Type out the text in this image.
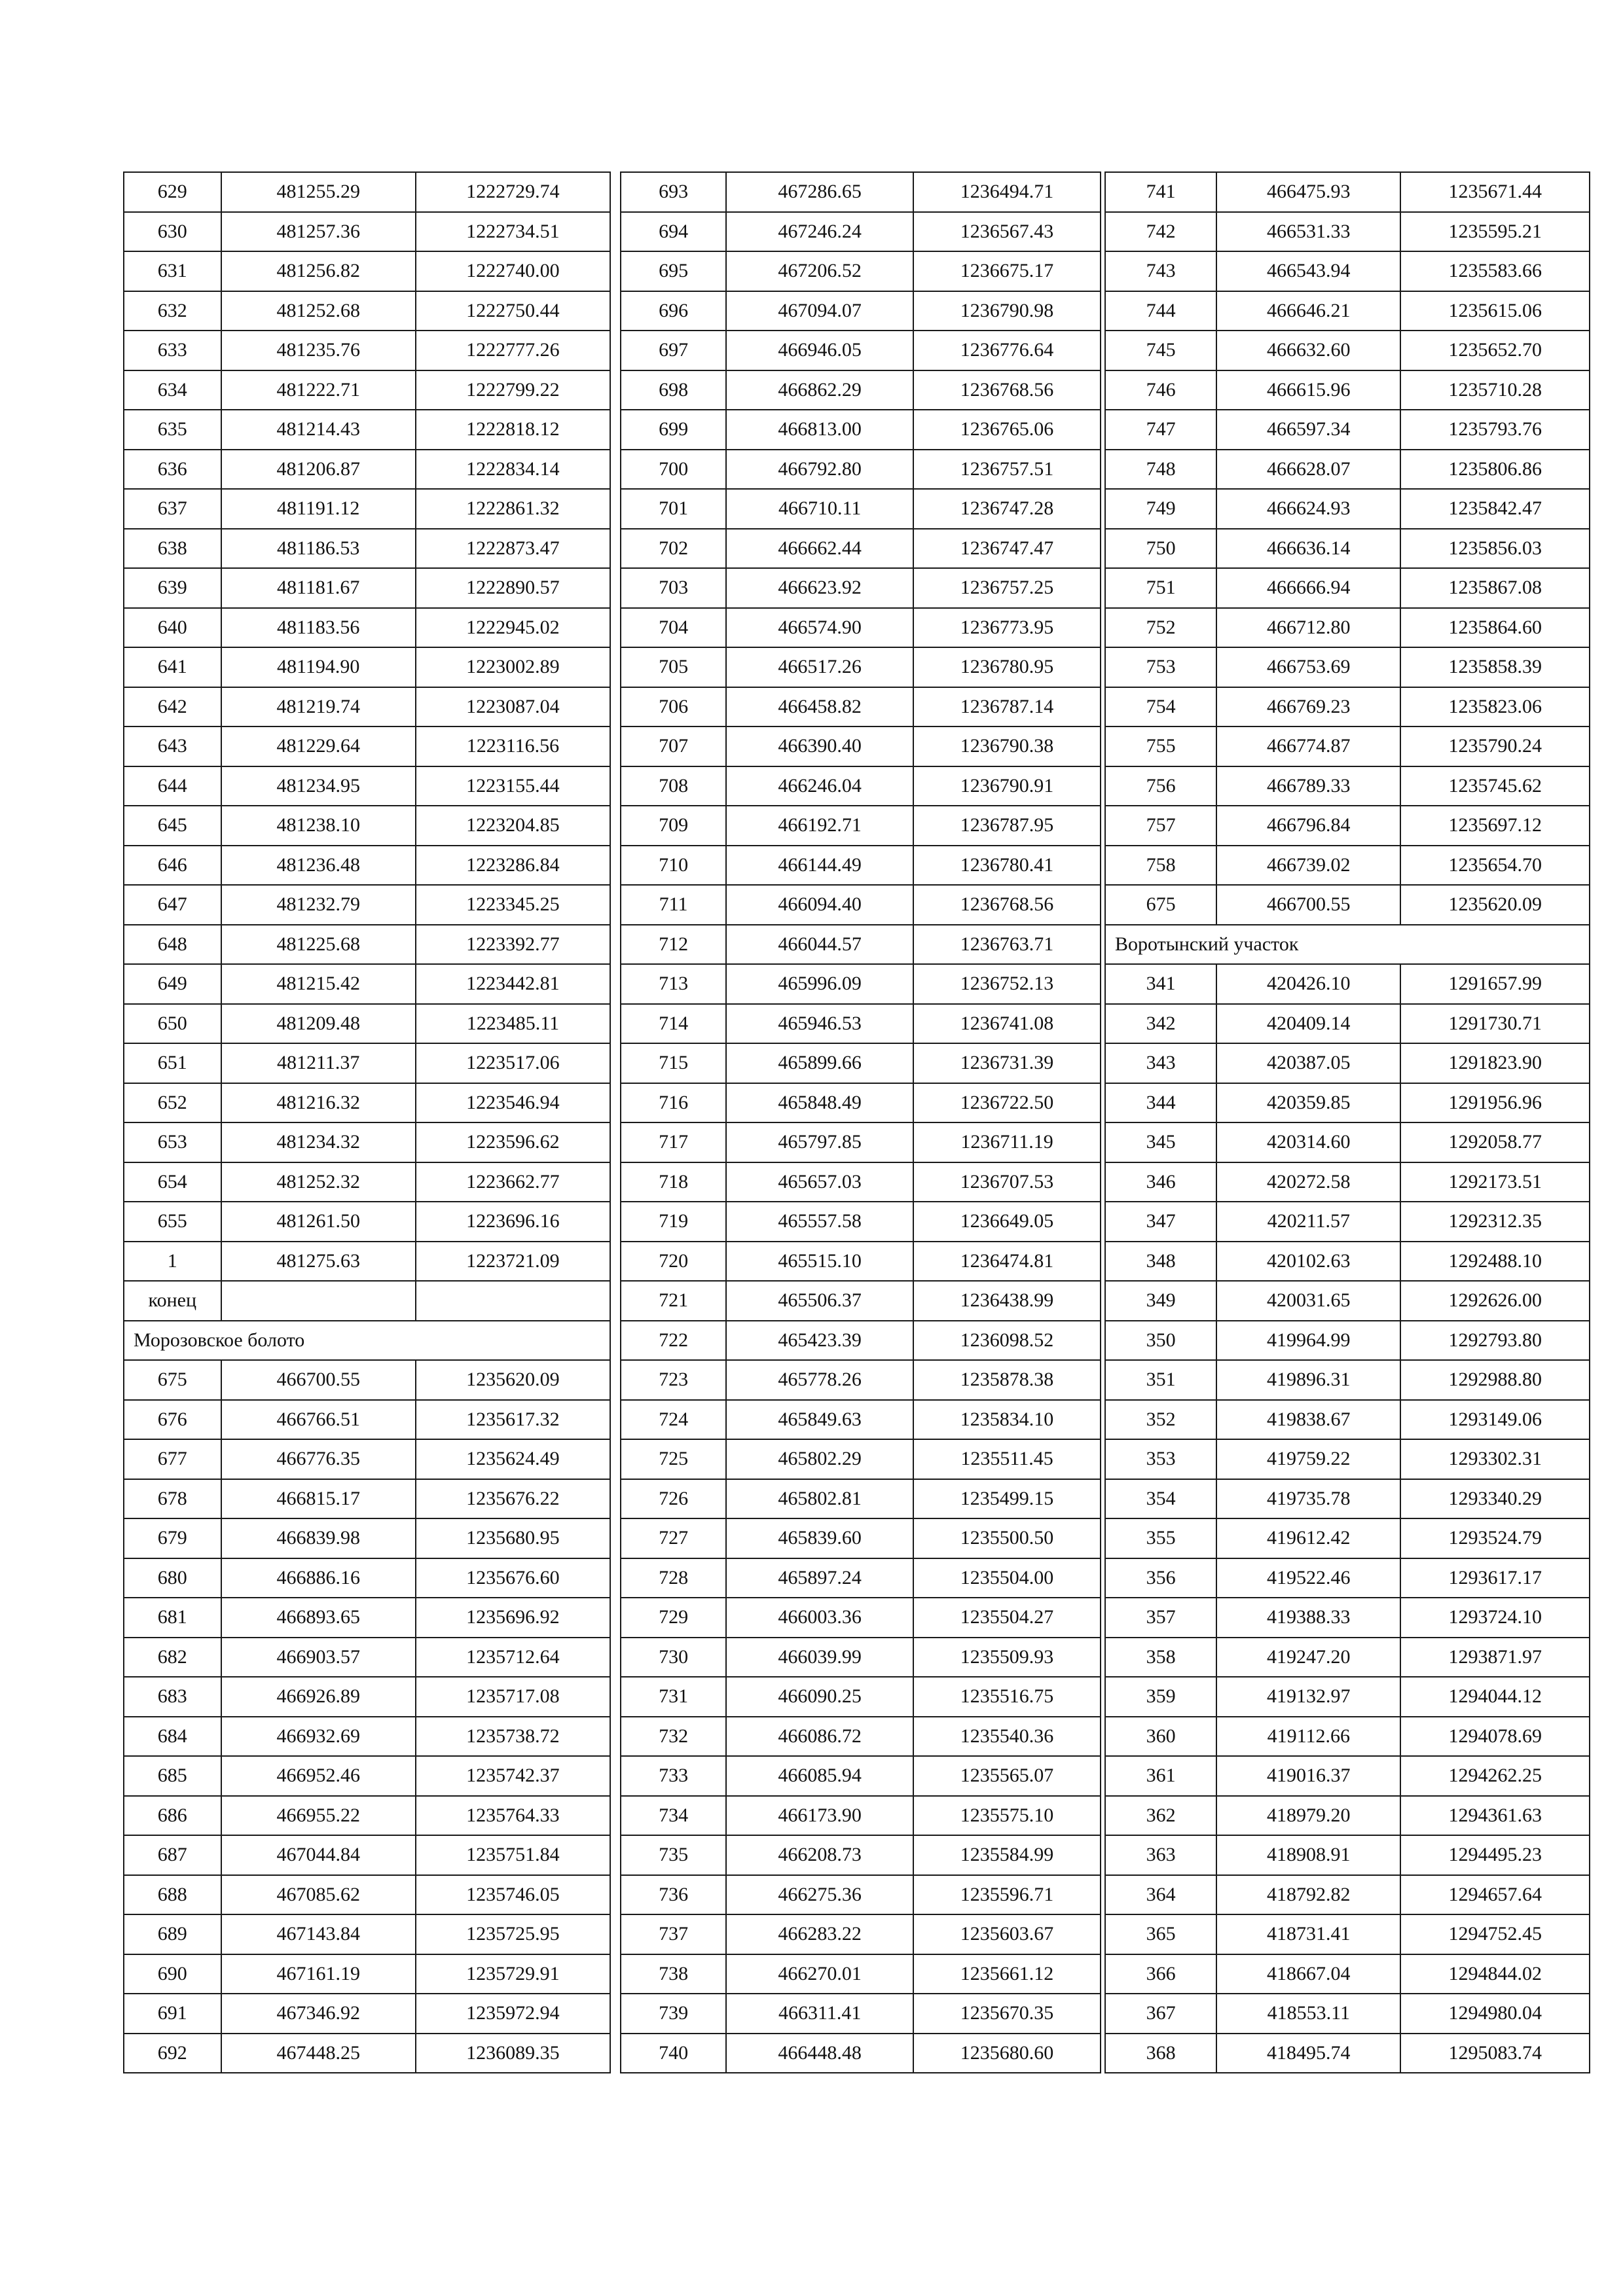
629	481255.29	1222729.74
630	481257.36	1222734.51
631	481256.82	1222740.00
632	481252.68	1222750.44
633	481235.76	1222777.26
634	481222.71	1222799.22
635	481214.43	1222818.12
636	481206.87	1222834.14
637	481191.12	1222861.32
638	481186.53	1222873.47
639	481181.67	1222890.57
640	481183.56	1222945.02
641	481194.90	1223002.89
642	481219.74	1223087.04
643	481229.64	1223116.56
644	481234.95	1223155.44
645	481238.10	1223204.85
646	481236.48	1223286.84
647	481232.79	1223345.25
648	481225.68	1223392.77
649	481215.42	1223442.81
650	481209.48	1223485.11
651	481211.37	1223517.06
652	481216.32	1223546.94
653	481234.32	1223596.62
654	481252.32	1223662.77
655	481261.50	1223696.16
1	481275.63	1223721.09
конец		
Морозовское болото		
675	466700.55	1235620.09
676	466766.51	1235617.32
677	466776.35	1235624.49
678	466815.17	1235676.22
679	466839.98	1235680.95
680	466886.16	1235676.60
681	466893.65	1235696.92
682	466903.57	1235712.64
683	466926.89	1235717.08
684	466932.69	1235738.72
685	466952.46	1235742.37
686	466955.22	1235764.33
687	467044.84	1235751.84
688	467085.62	1235746.05
689	467143.84	1235725.95
690	467161.19	1235729.91
691	467346.92	1235972.94
692	467448.25	1236089.35
693	467286.65	1236494.71
694	467246.24	1236567.43
695	467206.52	1236675.17
696	467094.07	1236790.98
697	466946.05	1236776.64
698	466862.29	1236768.56
699	466813.00	1236765.06
700	466792.80	1236757.51
701	466710.11	1236747.28
702	466662.44	1236747.47
703	466623.92	1236757.25
704	466574.90	1236773.95
705	466517.26	1236780.95
706	466458.82	1236787.14
707	466390.40	1236790.38
708	466246.04	1236790.91
709	466192.71	1236787.95
710	466144.49	1236780.41
711	466094.40	1236768.56
712	466044.57	1236763.71
713	465996.09	1236752.13
714	465946.53	1236741.08
715	465899.66	1236731.39
716	465848.49	1236722.50
717	465797.85	1236711.19
718	465657.03	1236707.53
719	465557.58	1236649.05
720	465515.10	1236474.81
721	465506.37	1236438.99
722	465423.39	1236098.52
723	465778.26	1235878.38
724	465849.63	1235834.10
725	465802.29	1235511.45
726	465802.81	1235499.15
727	465839.60	1235500.50
728	465897.24	1235504.00
729	466003.36	1235504.27
730	466039.99	1235509.93
731	466090.25	1235516.75
732	466086.72	1235540.36
733	466085.94	1235565.07
734	466173.90	1235575.10
735	466208.73	1235584.99
736	466275.36	1235596.71
737	466283.22	1235603.67
738	466270.01	1235661.12
739	466311.41	1235670.35
740	466448.48	1235680.60
741	466475.93	1235671.44
742	466531.33	1235595.21
743	466543.94	1235583.66
744	466646.21	1235615.06
745	466632.60	1235652.70
746	466615.96	1235710.28
747	466597.34	1235793.76
748	466628.07	1235806.86
749	466624.93	1235842.47
750	466636.14	1235856.03
751	466666.94	1235867.08
752	466712.80	1235864.60
753	466753.69	1235858.39
754	466769.23	1235823.06
755	466774.87	1235790.24
756	466789.33	1235745.62
757	466796.84	1235697.12
758	466739.02	1235654.70
675	466700.55	1235620.09
Воротынский участок		
341	420426.10	1291657.99
342	420409.14	1291730.71
343	420387.05	1291823.90
344	420359.85	1291956.96
345	420314.60	1292058.77
346	420272.58	1292173.51
347	420211.57	1292312.35
348	420102.63	1292488.10
349	420031.65	1292626.00
350	419964.99	1292793.80
351	419896.31	1292988.80
352	419838.67	1293149.06
353	419759.22	1293302.31
354	419735.78	1293340.29
355	419612.42	1293524.79
356	419522.46	1293617.17
357	419388.33	1293724.10
358	419247.20	1293871.97
359	419132.97	1294044.12
360	419112.66	1294078.69
361	419016.37	1294262.25
362	418979.20	1294361.63
363	418908.91	1294495.23
364	418792.82	1294657.64
365	418731.41	1294752.45
366	418667.04	1294844.02
367	418553.11	1294980.04
368	418495.74	1295083.74
